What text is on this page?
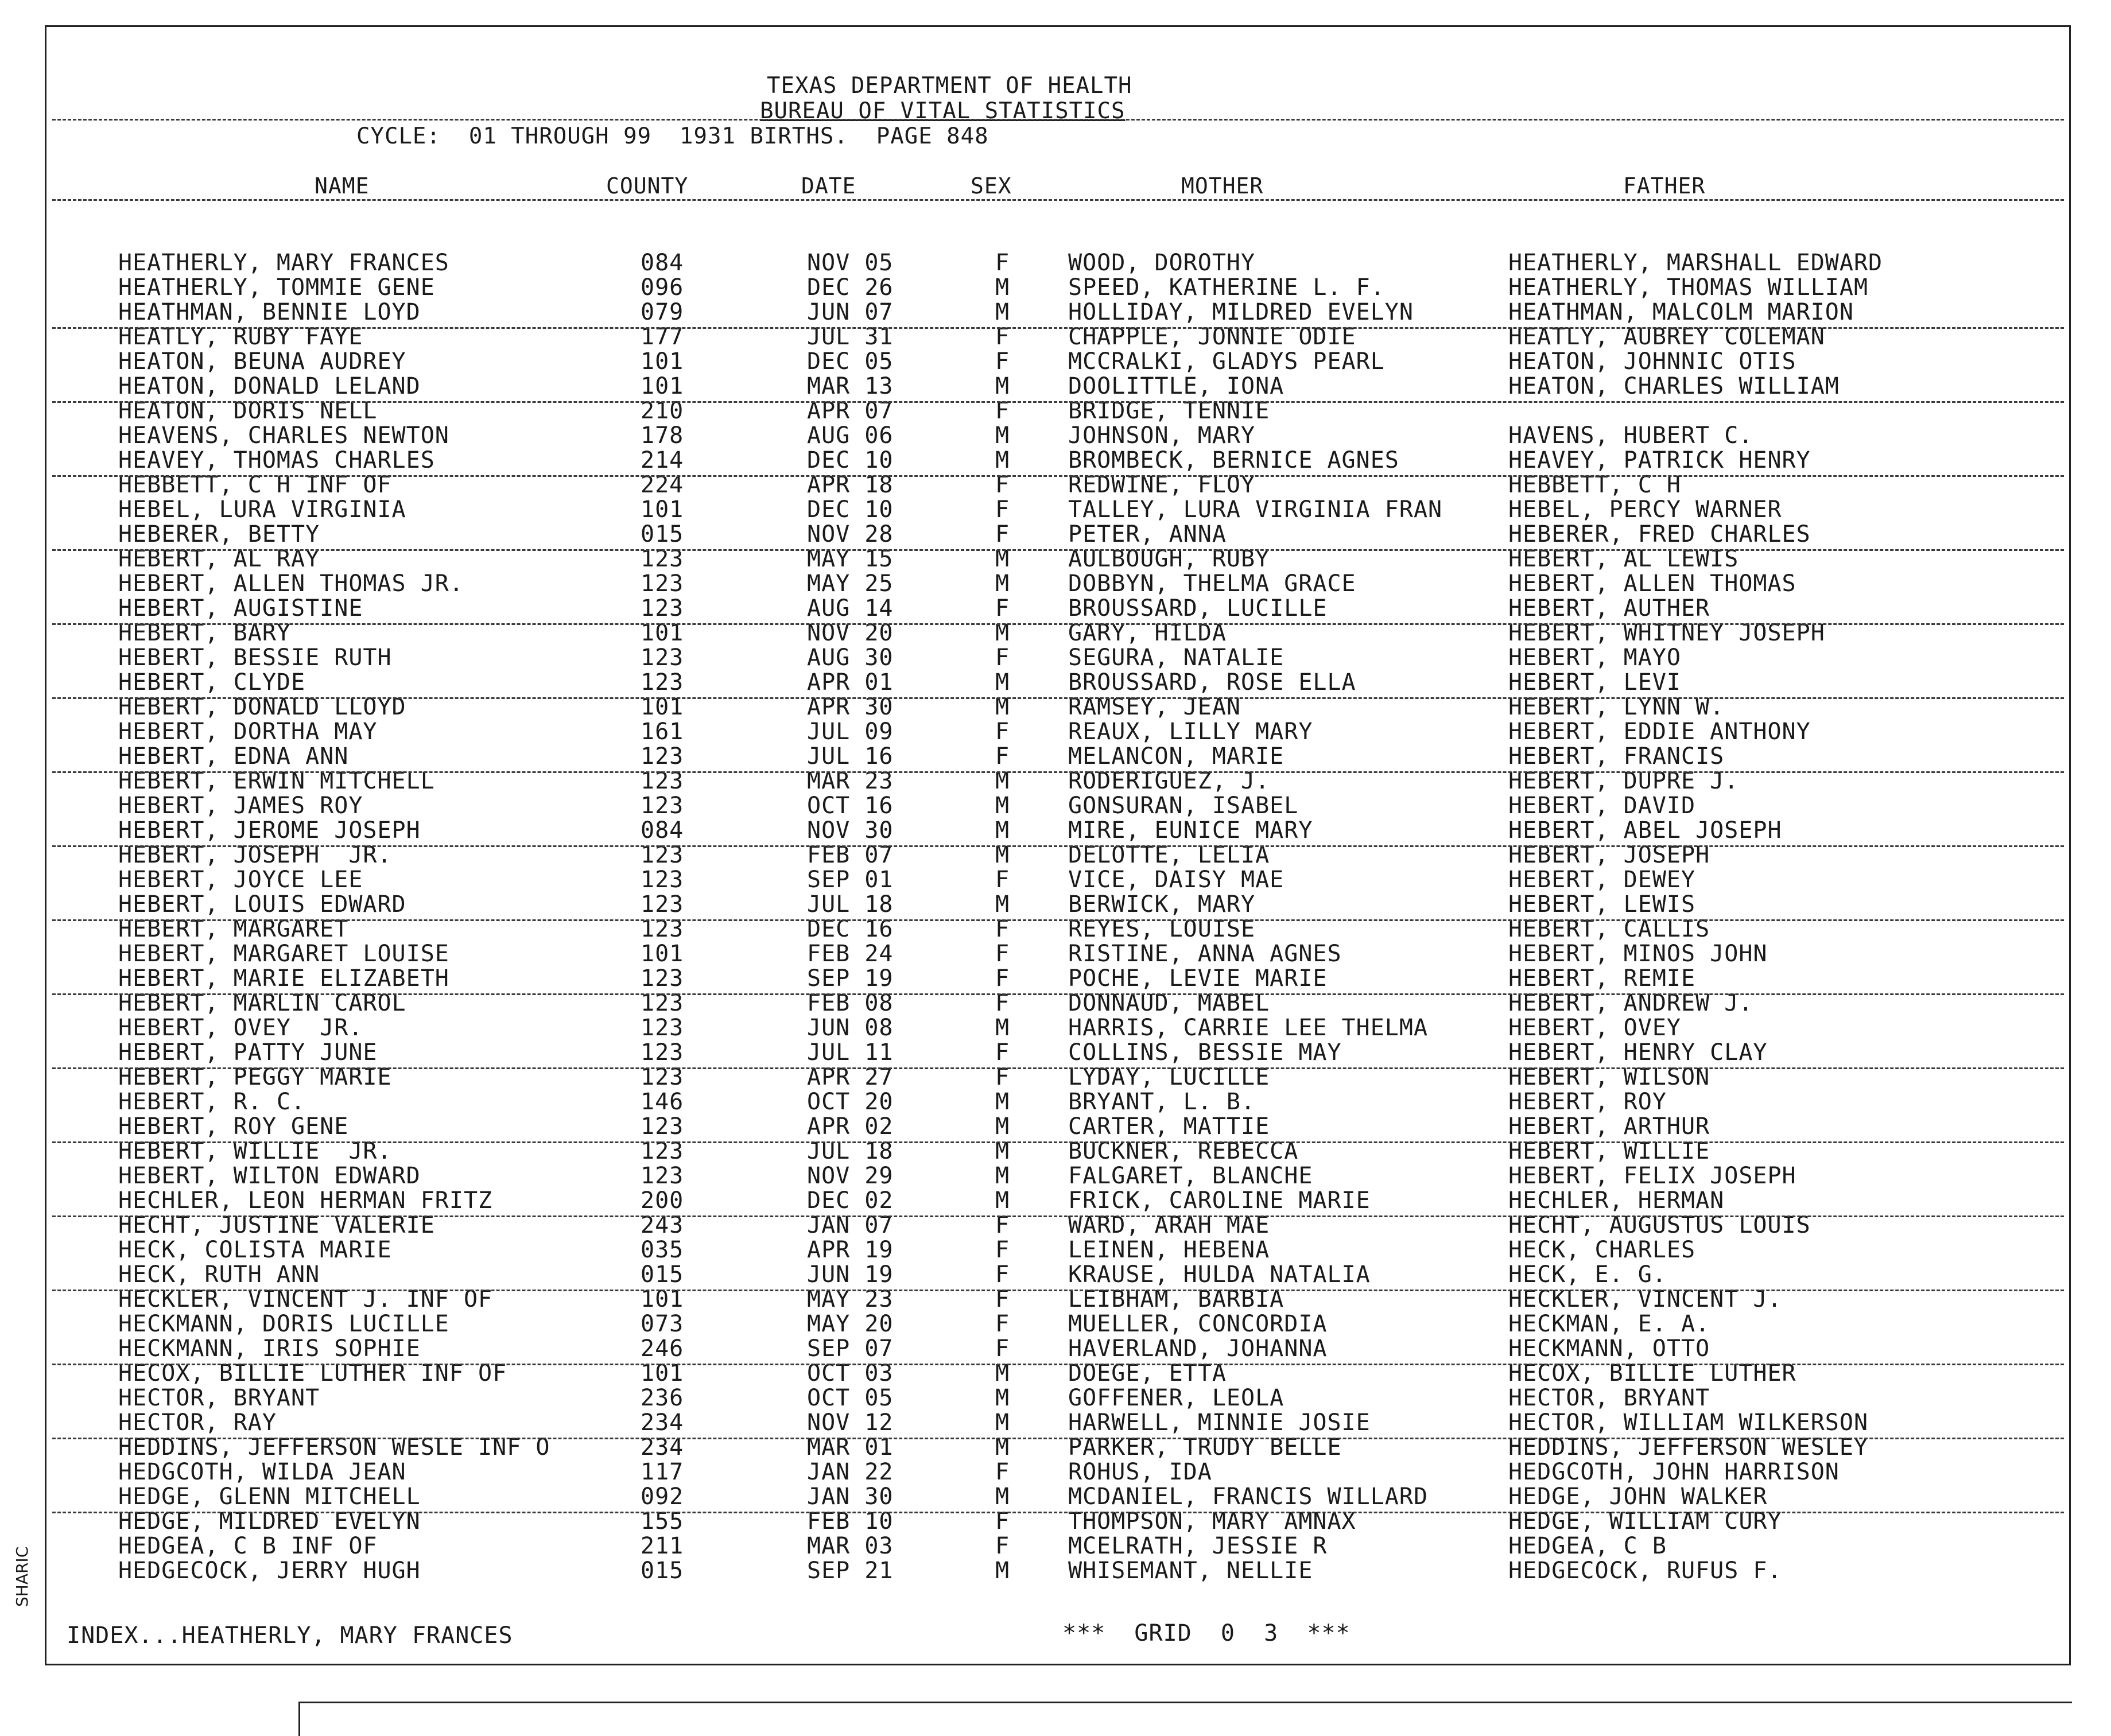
TEXAS DEPARTMENT OF HEALTH
BUREAU OF VITAL STATISTICS
CYCLE:  01 THROUGH 99  1931 BIRTHS.  PAGE 848
NAME	COUNTY	DATE	SEX	MOTHER	FATHER
HEATHERLY, MARY FRANCES	084	NOV 05	F	WOOD, DOROTHY	HEATHERLY, MARSHALL EDWARD
HEATHERLY, TOMMIE GENE	096	DEC 26	M	SPEED, KATHERINE L. F.	HEATHERLY, THOMAS WILLIAM
HEATHMAN, BENNIE LOYD	079	JUN 07	M	HOLLIDAY, MILDRED EVELYN	HEATHMAN, MALCOLM MARION
HEATLY, RUBY FAYE	177	JUL 31	F	CHAPPLE, JONNIE ODIE	HEATLY, AUBREY COLEMAN
HEATON, BEUNA AUDREY	101	DEC 05	F	MCCRALKI, GLADYS PEARL	HEATON, JOHNNIC OTIS
HEATON, DONALD LELAND	101	MAR 13	M	DOOLITTLE, IONA	HEATON, CHARLES WILLIAM
HEATON, DORIS NELL	210	APR 07	F	BRIDGE, TENNIE
HEAVENS, CHARLES NEWTON	178	AUG 06	M	JOHNSON, MARY	HAVENS, HUBERT C.
HEAVEY, THOMAS CHARLES	214	DEC 10	M	BROMBECK, BERNICE AGNES	HEAVEY, PATRICK HENRY
HEBBETT, C H INF OF	224	APR 18	F	REDWINE, FLOY	HEBBETT, C H
HEBEL, LURA VIRGINIA	101	DEC 10	F	TALLEY, LURA VIRGINIA FRAN	HEBEL, PERCY WARNER
HEBERER, BETTY	015	NOV 28	F	PETER, ANNA	HEBERER, FRED CHARLES
HEBERT, AL RAY	123	MAY 15	M	AULBOUGH, RUBY	HEBERT, AL LEWIS
HEBERT, ALLEN THOMAS JR.	123	MAY 25	M	DOBBYN, THELMA GRACE	HEBERT, ALLEN THOMAS
HEBERT, AUGISTINE	123	AUG 14	F	BROUSSARD, LUCILLE	HEBERT, AUTHER
HEBERT, BARY	101	NOV 20	M	GARY, HILDA	HEBERT, WHITNEY JOSEPH
HEBERT, BESSIE RUTH	123	AUG 30	F	SEGURA, NATALIE	HEBERT, MAYO
HEBERT, CLYDE	123	APR 01	M	BROUSSARD, ROSE ELLA	HEBERT, LEVI
HEBERT, DONALD LLOYD	101	APR 30	M	RAMSEY, JEAN	HEBERT, LYNN W.
HEBERT, DORTHA MAY	161	JUL 09	F	REAUX, LILLY MARY	HEBERT, EDDIE ANTHONY
HEBERT, EDNA ANN	123	JUL 16	F	MELANCON, MARIE	HEBERT, FRANCIS
HEBERT, ERWIN MITCHELL	123	MAR 23	M	RODERIGUEZ, J.	HEBERT, DUPRE J.
HEBERT, JAMES ROY	123	OCT 16	M	GONSURAN, ISABEL	HEBERT, DAVID
HEBERT, JEROME JOSEPH	084	NOV 30	M	MIRE, EUNICE MARY	HEBERT, ABEL JOSEPH
HEBERT, JOSEPH  JR.	123	FEB 07	M	DELOTTE, LELIA	HEBERT, JOSEPH
HEBERT, JOYCE LEE	123	SEP 01	F	VICE, DAISY MAE	HEBERT, DEWEY
HEBERT, LOUIS EDWARD	123	JUL 18	M	BERWICK, MARY	HEBERT, LEWIS
HEBERT, MARGARET	123	DEC 16	F	REYES, LOUISE	HEBERT, CALLIS
HEBERT, MARGARET LOUISE	101	FEB 24	F	RISTINE, ANNA AGNES	HEBERT, MINOS JOHN
HEBERT, MARIE ELIZABETH	123	SEP 19	F	POCHE, LEVIE MARIE	HEBERT, REMIE
HEBERT, MARLIN CAROL	123	FEB 08	F	DONNAUD, MABEL	HEBERT, ANDREW J.
HEBERT, OVEY  JR.	123	JUN 08	M	HARRIS, CARRIE LEE THELMA	HEBERT, OVEY
HEBERT, PATTY JUNE	123	JUL 11	F	COLLINS, BESSIE MAY	HEBERT, HENRY CLAY
HEBERT, PEGGY MARIE	123	APR 27	F	LYDAY, LUCILLE	HEBERT, WILSON
HEBERT, R. C.	146	OCT 20	M	BRYANT, L. B.	HEBERT, ROY
HEBERT, ROY GENE	123	APR 02	M	CARTER, MATTIE	HEBERT, ARTHUR
HEBERT, WILLIE  JR.	123	JUL 18	M	BUCKNER, REBECCA	HEBERT, WILLIE
HEBERT, WILTON EDWARD	123	NOV 29	M	FALGARET, BLANCHE	HEBERT, FELIX JOSEPH
HECHLER, LEON HERMAN FRITZ	200	DEC 02	M	FRICK, CAROLINE MARIE	HECHLER, HERMAN
HECHT, JUSTINE VALERIE	243	JAN 07	F	WARD, ARAH MAE	HECHT, AUGUSTUS LOUIS
HECK, COLISTA MARIE	035	APR 19	F	LEINEN, HEBENA	HECK, CHARLES
HECK, RUTH ANN	015	JUN 19	F	KRAUSE, HULDA NATALIA	HECK, E. G.
HECKLER, VINCENT J. INF OF	101	MAY 23	F	LEIBHAM, BARBIA	HECKLER, VINCENT J.
HECKMANN, DORIS LUCILLE	073	MAY 20	F	MUELLER, CONCORDIA	HECKMAN, E. A.
HECKMANN, IRIS SOPHIE	246	SEP 07	F	HAVERLAND, JOHANNA	HECKMANN, OTTO
HECOX, BILLIE LUTHER INF OF	101	OCT 03	M	DOEGE, ETTA	HECOX, BILLIE LUTHER
HECTOR, BRYANT	236	OCT 05	M	GOFFENER, LEOLA	HECTOR, BRYANT
HECTOR, RAY	234	NOV 12	M	HARWELL, MINNIE JOSIE	HECTOR, WILLIAM WILKERSON
HEDDINS, JEFFERSON WESLE INF O	234	MAR 01	M	PARKER, TRUDY BELLE	HEDDINS, JEFFERSON WESLEY
HEDGCOTH, WILDA JEAN	117	JAN 22	F	ROHUS, IDA	HEDGCOTH, JOHN HARRISON
HEDGE, GLENN MITCHELL	092	JAN 30	M	MCDANIEL, FRANCIS WILLARD	HEDGE, JOHN WALKER
HEDGE, MILDRED EVELYN	155	FEB 10	F	THOMPSON, MARY AMNAX	HEDGE, WILLIAM CURY
HEDGEA, C B INF OF	211	MAR 03	F	MCELRATH, JESSIE R	HEDGEA, C B
HEDGECOCK, JERRY HUGH	015	SEP 21	M	WHISEMANT, NELLIE	HEDGECOCK, RUFUS F.
INDEX...HEATHERLY, MARY FRANCES	***  GRID  0  3  ***
SHARIC
